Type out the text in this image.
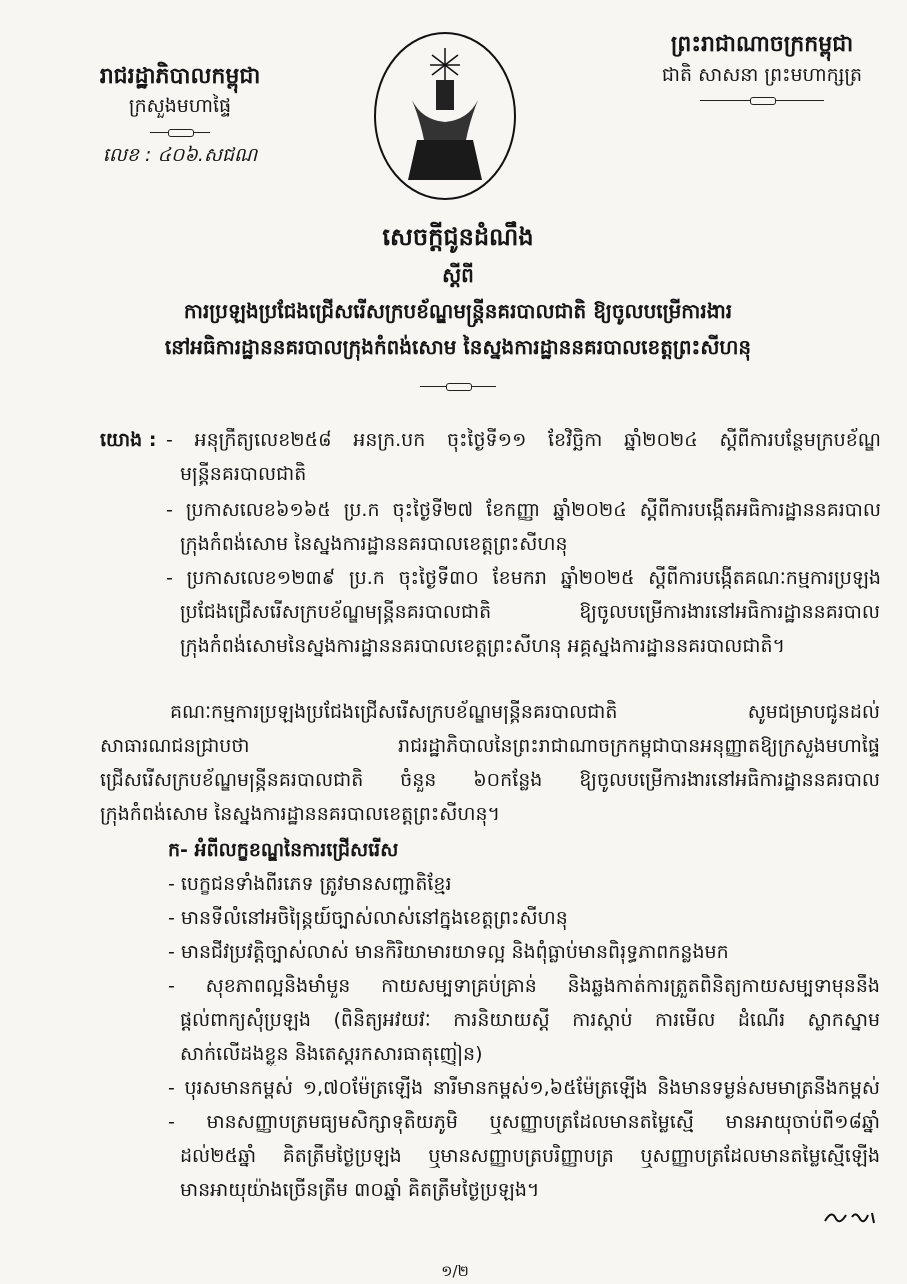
រាជរដ្ឋាភិបាលកម្ពុជា
ក្រសួងមហាផ្ទៃ
លេខ : ៤០៦.សជណ
ព្រះរាជាណាចក្រកម្ពុជា
ជាតិ សាសនា ព្រះមហាក្សត្រ
សេចក្តីជូនដំណឹង
ស្តីពី
ការប្រឡងប្រជែងជ្រើសរើសក្របខ័ណ្ឌមន្ត្រីនគរបាលជាតិ ឱ្យចូលបម្រើការងារ
នៅអធិការដ្ឋាននគរបាលក្រុងកំពង់សោម នៃស្នងការដ្ឋាននគរបាលខេត្តព្រះសីហនុ
យោង : - អនុក្រឹត្យលេខ២៥៨ អនក្រ.បក ចុះថ្ងៃទី១១ ខែវិច្ឆិកា ឆ្នាំ២០២៤ ស្តីពីការបន្ថែមក្របខ័ណ្ឌ
មន្ត្រីនគរបាលជាតិ
- ប្រកាសលេខ៦១៦៥ ប្រ.ក ចុះថ្ងៃទី២៧ ខែកញ្ញា ឆ្នាំ២០២៤ ស្តីពីការបង្កើតអធិការដ្ឋាននគរបាល
ក្រុងកំពង់សោម នៃស្នងការដ្ឋាននគរបាលខេត្តព្រះសីហនុ
- ប្រកាសលេខ១២៣៩ ប្រ.ក ចុះថ្ងៃទី៣០ ខែមករា ឆ្នាំ២០២៥ ស្តីពីការបង្កើតគណៈកម្មការប្រឡង
ប្រជែងជ្រើសរើសក្របខ័ណ្ឌមន្ត្រីនគរបាលជាតិ ឱ្យចូលបម្រើការងារនៅអធិការដ្ឋាននគរបាល
ក្រុងកំពង់សោមនៃស្នងការដ្ឋាននគរបាលខេត្តព្រះសីហនុ អគ្គស្នងការដ្ឋាននគរបាលជាតិ។
គណៈកម្មការប្រឡងប្រជែងជ្រើសរើសក្របខ័ណ្ឌមន្ត្រីនគរបាលជាតិ សូមជម្រាបជូនដល់
សាធារណជនជ្រាបថា រាជរដ្ឋាភិបាលនៃព្រះរាជាណាចក្រកម្ពុជាបានអនុញ្ញាតឱ្យក្រសួងមហាផ្ទៃ
ជ្រើសរើសក្របខ័ណ្ឌមន្ត្រីនគរបាលជាតិ ចំនួន ៦០កន្លែង ឱ្យចូលបម្រើការងារនៅអធិការដ្ឋាននគរបាល
ក្រុងកំពង់សោម នៃស្នងការដ្ឋាននគរបាលខេត្តព្រះសីហនុ។
ក- អំពីលក្ខខណ្ឌនៃការជ្រើសរើស
- បេក្ខជនទាំងពីរភេទ ត្រូវមានសញ្ជាតិខ្មែរ
- មានទីលំនៅអចិន្ត្រៃយ៍ច្បាស់លាស់នៅក្នុងខេត្តព្រះសីហនុ
- មានជីវប្រវត្តិច្បាស់លាស់ មានកិរិយាមារយាទល្អ និងពុំធ្លាប់មានពិរុទ្ធភាពកន្លងមក
- សុខភាពល្អនិងមាំមួន កាយសម្បទាគ្រប់គ្រាន់ និងឆ្លងកាត់ការត្រួតពិនិត្យកាយសម្បទាមុននឹង
ផ្តល់ពាក្យសុំប្រឡង (ពិនិត្យអវយវៈ ការនិយាយស្តី ការស្តាប់ ការមើល ដំណើរ ស្លាកស្នាម
សាក់លើដងខ្លួន និងតេស្តរកសារធាតុញៀន)
- បុរសមានកម្ពស់ ១,៧០ម៉ែត្រឡើង នារីមានកម្ពស់១,៦៥ម៉ែត្រឡើង និងមានទម្ងន់សមមាត្រនឹងកម្ពស់
- មានសញ្ញាបត្រមធ្យមសិក្សាទុតិយភូមិ ឬសញ្ញាបត្រដែលមានតម្លៃស្មើ មានអាយុចាប់ពី១៨ឆ្នាំ
ដល់២៥ឆ្នាំ គិតត្រឹមថ្ងៃប្រឡង ឬមានសញ្ញាបត្របរិញ្ញាបត្រ ឬសញ្ញាបត្រដែលមានតម្លៃស្មើឡើង
មានអាយុយ៉ាងច្រើនត្រឹម ៣០ឆ្នាំ គិតត្រឹមថ្ងៃប្រឡង។
១/២
